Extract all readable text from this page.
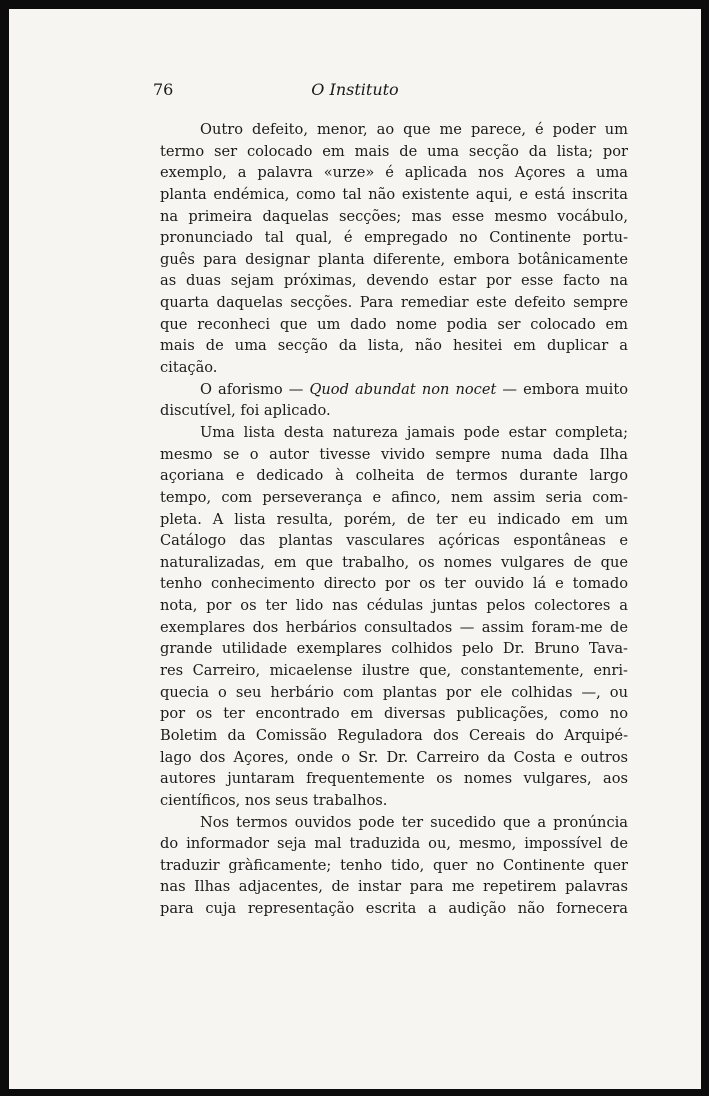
76	O Instituto
Outro defeito, menor, ao que me parece, é poder um
termo ser colocado em mais de uma secção da lista; por
exemplo, a palavra «urze» é aplicada nos Açores a uma
planta endémica, como tal não existente aqui, e está inscrita
na primeira daquelas secções; mas esse mesmo vocábulo,
pronunciado tal qual, é empregado no Continente portu-
guês para designar planta diferente, embora botânicamente
as duas sejam próximas, devendo estar por esse facto na
quarta daquelas secções. Para remediar este defeito sempre
que reconheci que um dado nome podia ser colocado em
mais de uma secção da lista, não hesitei em duplicar a
citação.
O aforismo — Quod abundat non nocet — embora muito
discutível, foi aplicado.
Uma lista desta natureza jamais pode estar completa;
mesmo se o autor tivesse vivido sempre numa dada Ilha
açoriana e dedicado à colheita de termos durante largo
tempo, com perseverança e afinco, nem assim seria com-
pleta. A lista resulta, porém, de ter eu indicado em um
Catálogo das plantas vasculares açóricas espontâneas e
naturalizadas, em que trabalho, os nomes vulgares de que
tenho conhecimento directo por os ter ouvido lá e tomado
nota, por os ter lido nas cédulas juntas pelos colectores a
exemplares dos herbários consultados — assim foram-me de
grande utilidade exemplares colhidos pelo Dr. Bruno Tava-
res Carreiro, micaelense ilustre que, constantemente, enri-
quecia o seu herbário com plantas por ele colhidas —, ou
por os ter encontrado em diversas publicações, como no
Boletim da Comissão Reguladora dos Cereais do Arquipé-
lago dos Açores, onde o Sr. Dr. Carreiro da Costa e outros
autores juntaram frequentemente os nomes vulgares, aos
científicos, nos seus trabalhos.
Nos termos ouvidos pode ter sucedido que a pronúncia
do informador seja mal traduzida ou, mesmo, impossível de
traduzir gràficamente; tenho tido, quer no Continente quer
nas Ilhas adjacentes, de instar para me repetirem palavras
para cuja representação escrita a audição não fornecera
